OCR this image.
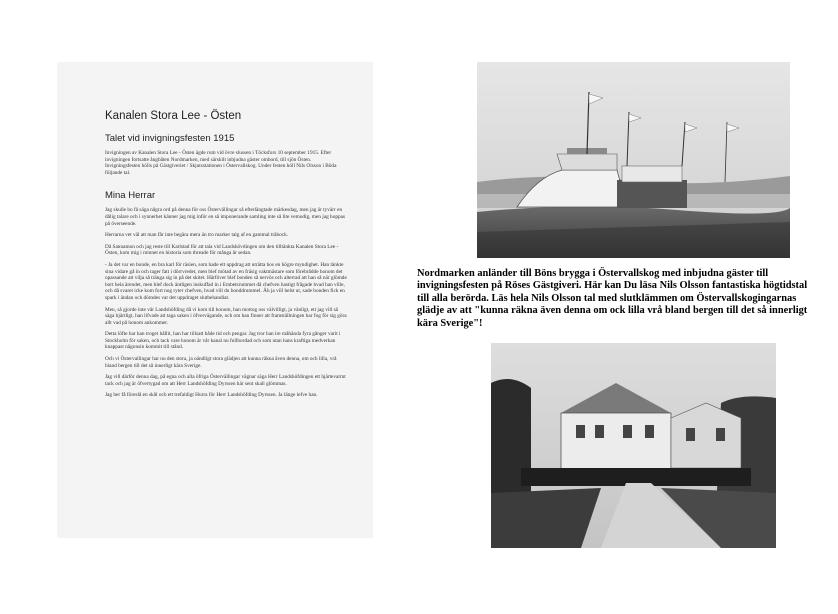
Kanalen Stora Lee - Östen
Talet vid invigningsfesten 1915

Invigningen av Kanalen Stora Lee - Östen ägde rum vid övre slussen i Töcksfors 10 september 1915. Efter invigningen fortsatte ångbåten Nordmarken, med särskilt inbjudna gäster ombord, till sjön Östen. Invigningsfesten hölls på Gästgiveriet / Skjutsstationen i Östervallskog. Under festen höll Nils Olsson i Böda följande tal.

Mina Herrar

Jag skulle bo få säga några ord på denna för oss Östervällingar så efterlängtade märkesdag, men jag är tyvärr en dålig talare och i synnerhet känner jag mig inför en så imponerande samling inte så lite vemodig, men jag hoppas på överseende.

Herrarna vet väl att man får inte begära mera än tro marker talg af en gammal träbock.

Då Sannamon och jag reste till Karlstad för att tala vid Landshövdingen om den tilltänkta Kanalen Stora Lee - Östen, kom mig i minnet en historia som threade för många år sedan.

- Ja det var en bonde, en bra karl för räsien, som hade ett uppdrag att uträtta hos en högre myndighet. Han tänkte sina vidare gå in och tager fatt i dörrvredet, men blef mötad av en fräsig vaktmästare som förebrådde honom det opassande att vilja så tränga sig in på det skitet. Härföver blef bonden så nervös och alterrad att han så när glömde bort hela ärendet, men blef dock äntligen inskuffad in i Embetsrummet då chefven hastigt frågade hvad han ville, och då svaret icke kom fort nog ryter chefven, hvad vill du bonddrummel. Åh ja vill helst ut, sade bonden fick en spark i ändan och dömdes var det uppdraget slutbehandlat.

Men, så gjorde inte vår Landshöfding då vi kom till honom, han mottog oss välvilligt, ja vänligt, ett jag vill så säga hjärtligt, han lifvade att taga saken i öfvervägande, och om han finner att framställningen har fog för sig göra allt vad på honom ankommer.

Detta löfte har han troget hållit, han har tillsatt både tid och pengar. Jag tror han ire måhända fyra gånger varit i Stockholm för saken, och tack vare honom är vår kanal nu fullbordad och som utan hans kraftiga medverkan knappast någonsin kommit till stånd.

Och vi Östervallingar har nu den stora, ja oändligt stora glädjen att kunna räkna även denna, om och lilla, vrå bland bergen till det så innerligt kära Sverige.

Jag vill därför denna dag, på egna och alla öfriga Östervällingar vägnar säga Herr Landshöfdingen ett hjärtevarmt tack och jag är öfvertygad om att Herr Landshöfding Dyrssen här sent skall glömmas.

Jag ber få föreslå en skål och ett trefaldigt Hurra för Herr Landshöfding Dyrssen. Ja länge lefve han.

Nordmarken anländer till Böns brygga i Östervallskog med inbjudna gäster till invigningsfesten på Röses Gästgiveri. Här kan Du läsa Nils Olsson fantastiska högtidstal till alla berörda. Läs hela Nils Olsson tal med slutklämmen om Östervallskogingarnas glädje av att "kunna räkna även denna om ock lilla vrå bland bergen till det så innerligt kära Sverige"!
